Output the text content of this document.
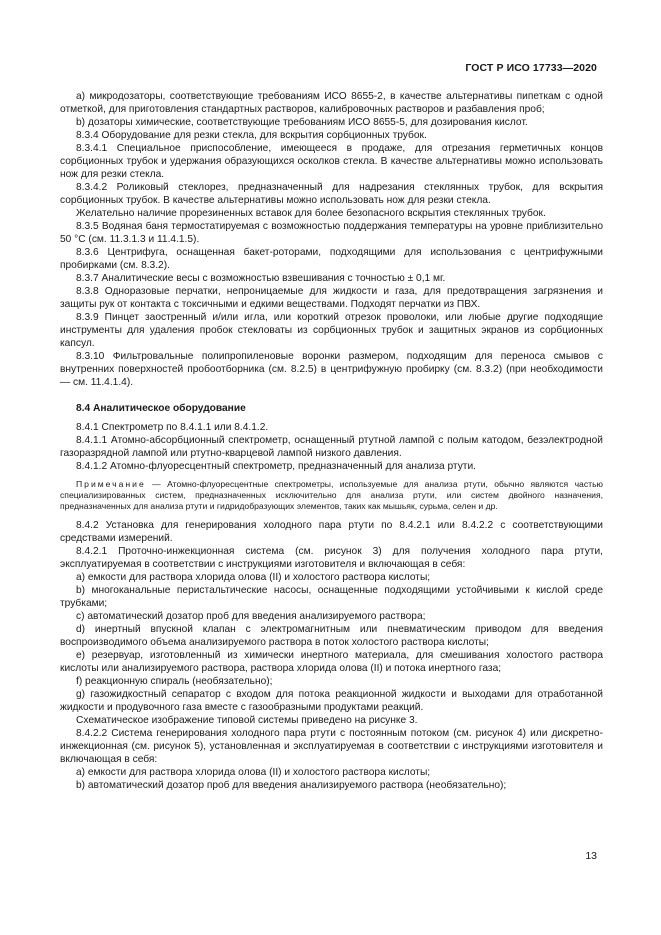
ГОСТ Р ИСО 17733—2020

a) микродозаторы, соответствующие требованиям ИСО 8655-2, в качестве альтернативы пипеткам с одной отметкой, для приготовления стандартных растворов, калибровочных растворов и разбавления проб;

b) дозаторы химические, соответствующие требованиям ИСО 8655-5, для дозирования кислот.

8.3.4 Оборудование для резки стекла, для вскрытия сорбционных трубок.

8.3.4.1 Специальное приспособление, имеющееся в продаже, для отрезания герметичных концов сорбционных трубок и удержания образующихся осколков стекла. В качестве альтернативы можно использовать нож для резки стекла.

8.3.4.2 Роликовый стеклорез, предназначенный для надрезания стеклянных трубок, для вскрытия сорбционных трубок. В качестве альтернативы можно использовать нож для резки стекла.

Желательно наличие прорезиненных вставок для более безопасного вскрытия стеклянных трубок.

8.3.5 Водяная баня термостатируемая с возможностью поддержания температуры на уровне приблизительно 50 °С (см. 11.3.1.3 и 11.4.1.5).

8.3.6 Центрифуга, оснащенная бакет-роторами, подходящими для использования с центрифужными пробирками (см. 8.3.2).

8.3.7 Аналитические весы с возможностью взвешивания с точностью ± 0,1 мг.

8.3.8 Одноразовые перчатки, непроницаемые для жидкости и газа, для предотвращения загрязнения и защиты рук от контакта с токсичными и едкими веществами. Подходят перчатки из ПВХ.

8.3.9 Пинцет заостренный и/или игла, или короткий отрезок проволоки, или любые другие подходящие инструменты для удаления пробок стекловаты из сорбционных трубок и защитных экранов из сорбционных капсул.

8.3.10 Фильтровальные полипропиленовые воронки размером, подходящим для переноса смывов с внутренних поверхностей пробоотборника (см. 8.2.5) в центрифужную пробирку (см. 8.3.2) (при необходимости — см. 11.4.1.4).

8.4 Аналитическое оборудование

8.4.1 Спектрометр по 8.4.1.1 или 8.4.1.2.

8.4.1.1 Атомно-абсорбционный спектрометр, оснащенный ртутной лампой с полым катодом, безэлектродной газоразрядной лампой или ртутно-кварцевой лампой низкого давления.

8.4.1.2 Атомно-флуоресцентный спектрометр, предназначенный для анализа ртути.

Примечание — Атомно-флуоресцентные спектрометры, используемые для анализа ртути, обычно являются частью специализированных систем, предназначенных исключительно для анализа ртути, или систем двойного назначения, предназначенных для анализа ртути и гидридобразующих элементов, таких как мышьяк, сурьма, селен и др.

8.4.2 Установка для генерирования холодного пара ртути по 8.4.2.1 или 8.4.2.2 с соответствующими средствами измерений.

8.4.2.1 Проточно-инжекционная система (см. рисунок 3) для получения холодного пара ртути, эксплуатируемая в соответствии с инструкциями изготовителя и включающая в себя:

a) емкости для раствора хлорида олова (II) и холостого раствора кислоты;

b) многоканальные перистальтические насосы, оснащенные подходящими устойчивыми к кислой среде трубками;

c) автоматический дозатор проб для введения анализируемого раствора;

d) инертный впускной клапан с электромагнитным или пневматическим приводом для введения воспроизводимого объема анализируемого раствора в поток холостого раствора кислоты;

e) резервуар, изготовленный из химически инертного материала, для смешивания холостого раствора кислоты или анализируемого раствора, раствора хлорида олова (II) и потока инертного газа;

f) реакционную спираль (необязательно);

g) газожидкостный сепаратор с входом для потока реакционной жидкости и выходами для отработанной жидкости и продувочного газа вместе с газообразными продуктами реакций.

Схематическое изображение типовой системы приведено на рисунке 3.

8.4.2.2 Система генерирования холодного пара ртути с постоянным потоком (см. рисунок 4) или дискретно-инжекционная (см. рисунок 5), установленная и эксплуатируемая в соответствии с инструкциями изготовителя и включающая в себя:

a) емкости для раствора хлорида олова (II) и холостого раствора кислоты;

b) автоматический дозатор проб для введения анализируемого раствора (необязательно);

13
